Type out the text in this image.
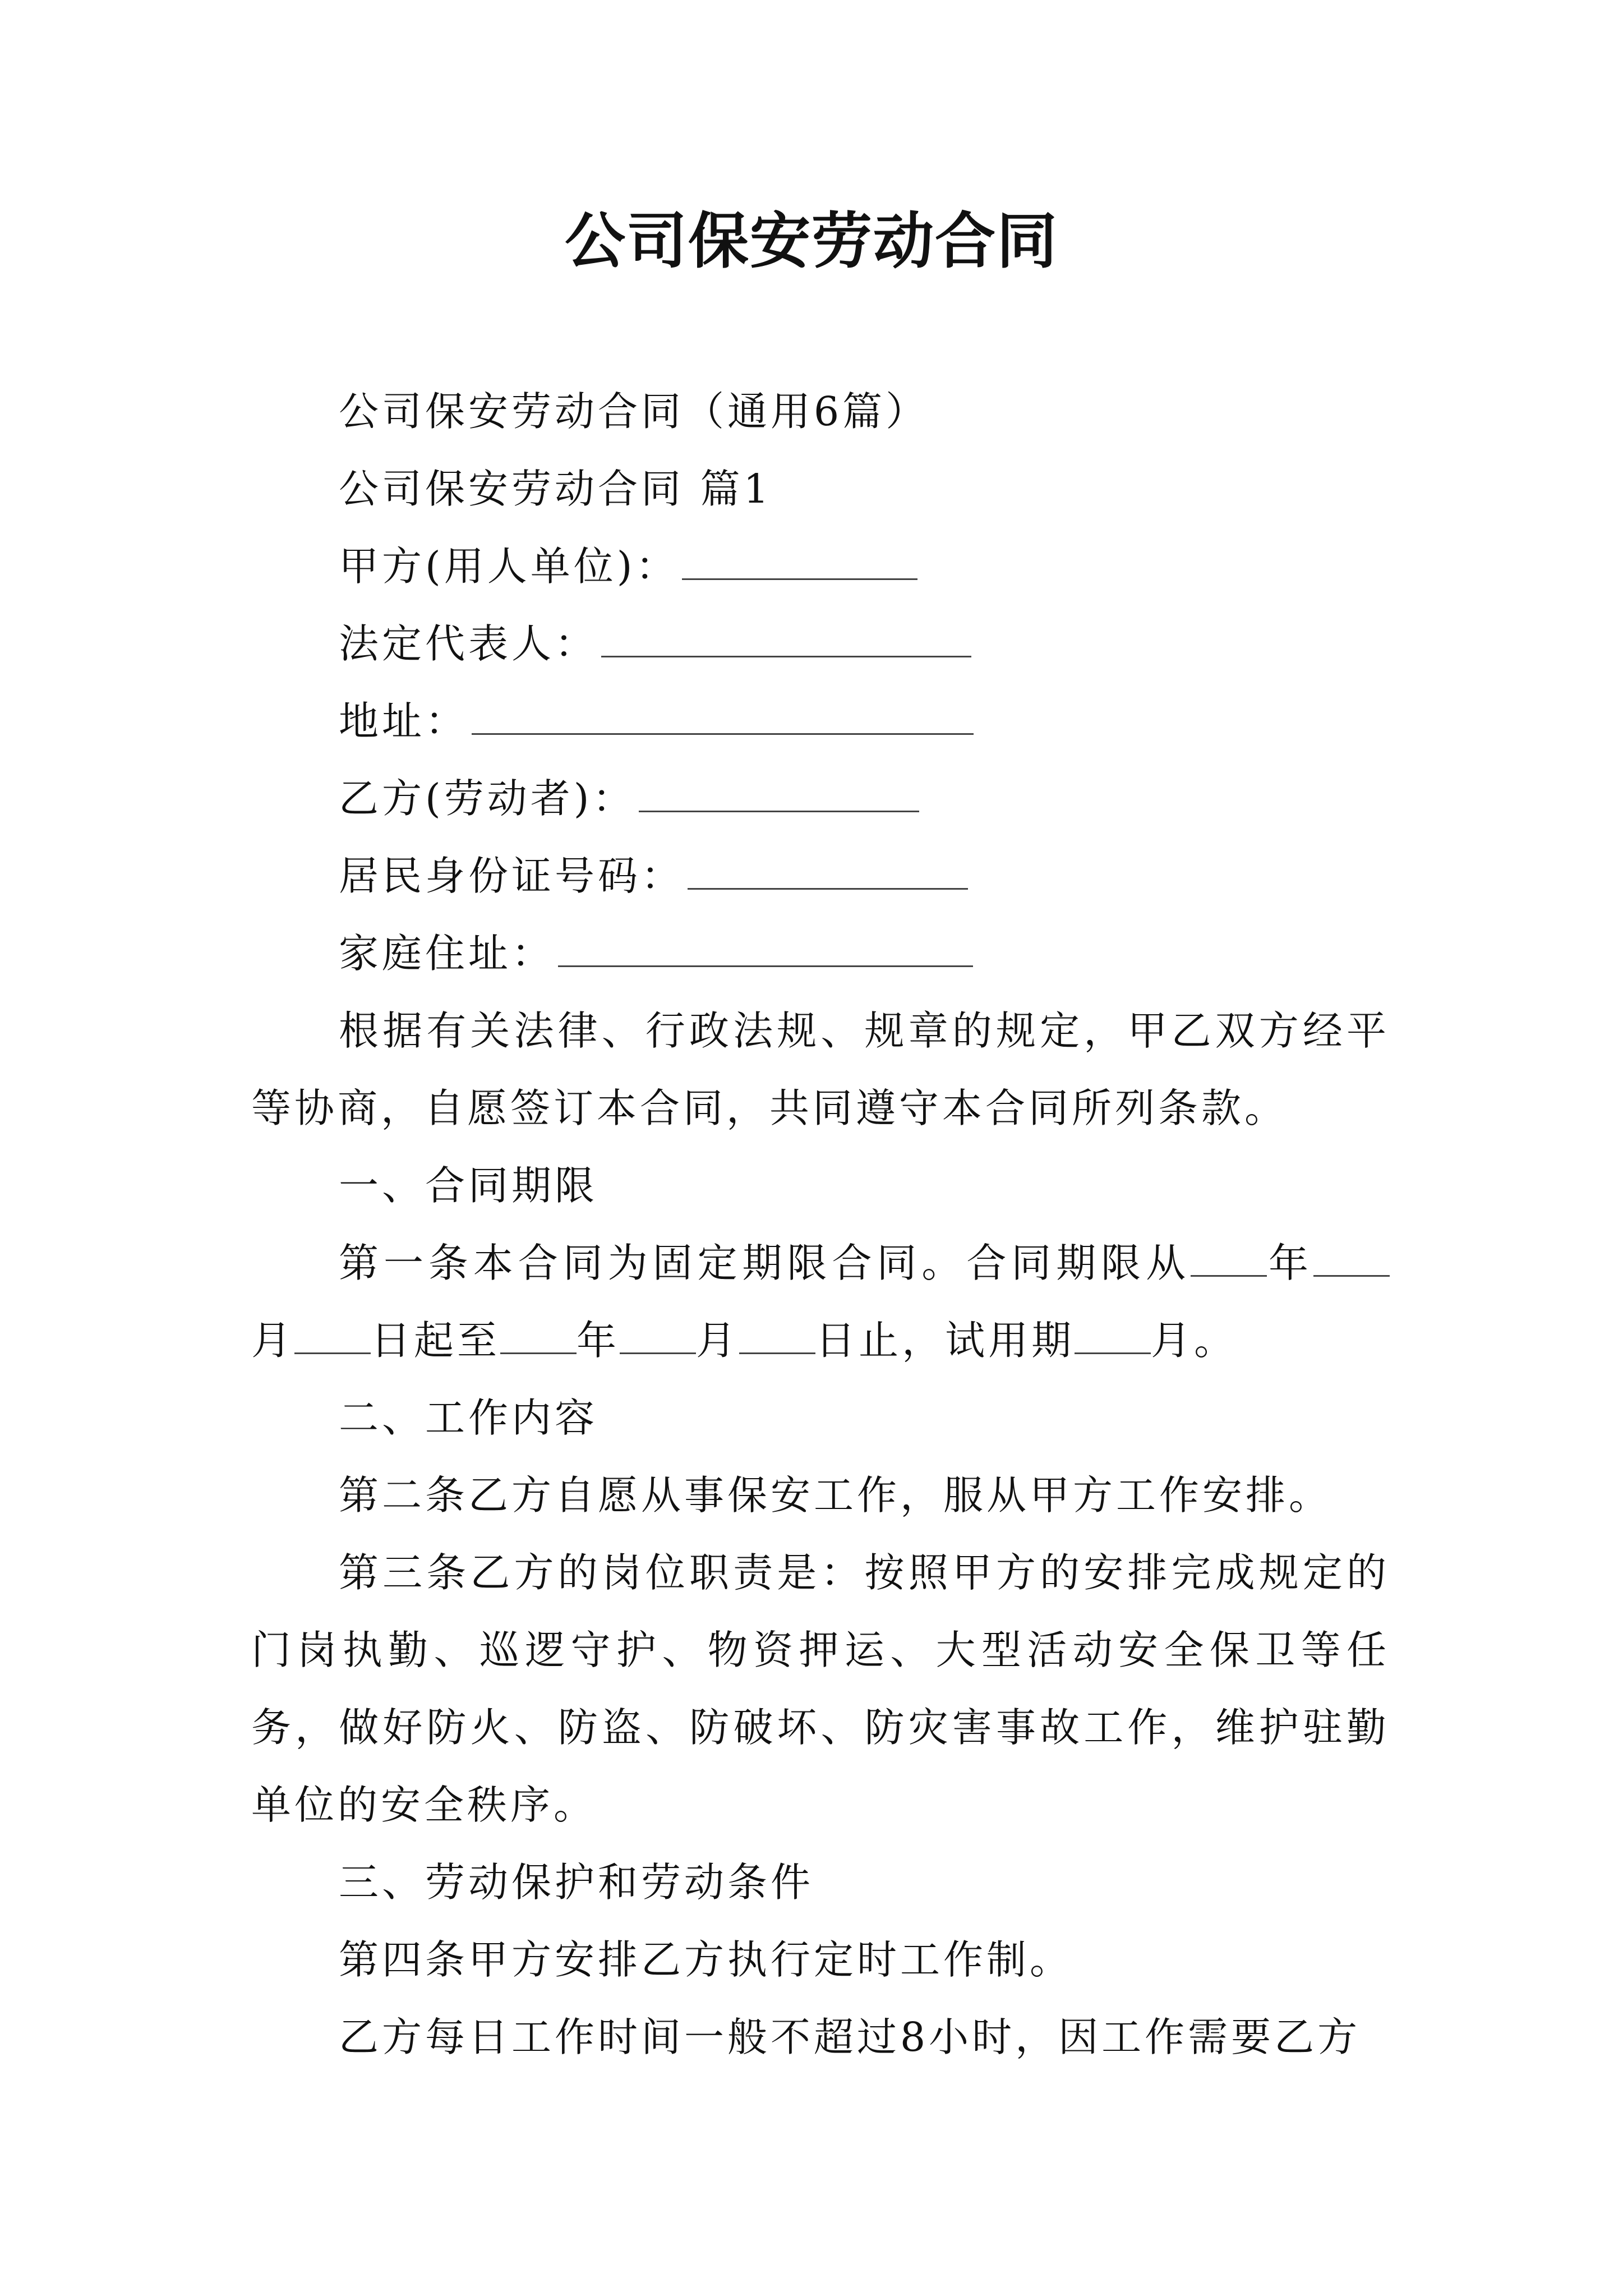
公司保安劳动合同

公司保安劳动合同（通用6篇）

公司保安劳动合同 篇1

甲方(用人单位)：

法定代表人：

地址：

乙方(劳动者)：

居民身份证号码：

家庭住址：

根据有关法律、行政法规、规章的规定，甲乙双方经平等协商，自愿签订本合同，共同遵守本合同所列条款。

一、合同期限

第一条本合同为固定期限合同。合同期限从 年月 日起至 年 月 日止，试用期 月。

二、工作内容

第二条乙方自愿从事保安工作，服从甲方工作安排。

第三条乙方的岗位职责是：按照甲方的安排完成规定的门岗执勤、巡逻守护、物资押运、大型活动安全保卫等任务，做好防火、防盗、防破坏、防灾害事故工作，维护驻勤单位的安全秩序。

三、劳动保护和劳动条件

第四条甲方安排乙方执行定时工作制。

乙方每日工作时间一般不超过8小时，因工作需要乙方
